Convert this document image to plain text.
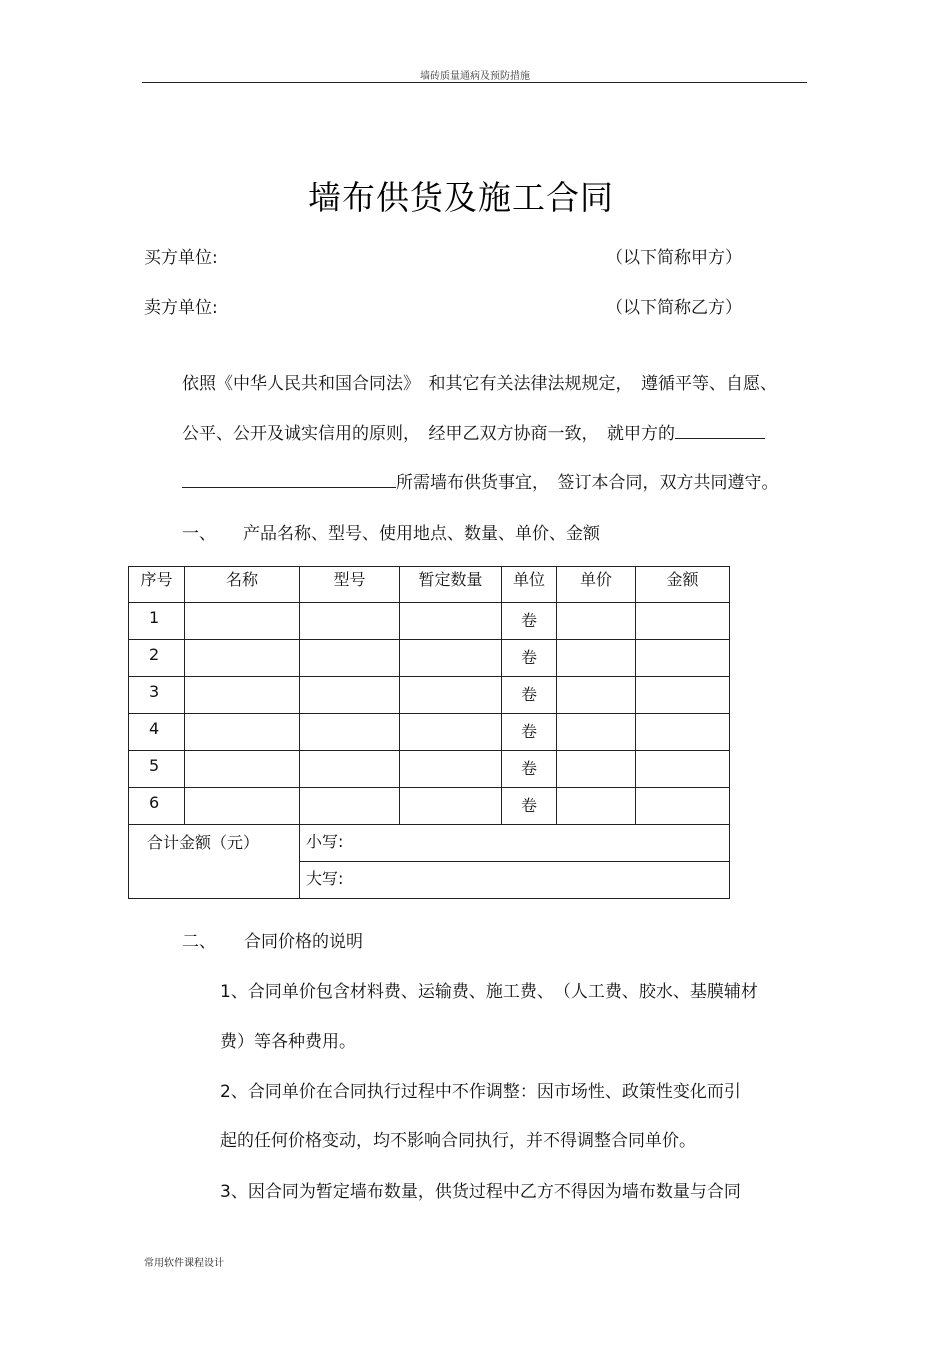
墙砖质量通病及预防措施
墙布供货及施工合同
买方单位:	（以下简称甲方）
卖方单位:	（以下简称乙方）
依照《中华人民共和国合同法》　和其它有关法律法规规定，　遵循平等、自愿、
公平、公开及诚实信用的原则，　经甲乙双方协商一致，　就甲方的
所需墙布供货事宜，　签订本合同，双方共同遵守。
一、 产品名称、型号、使用地点、数量、单价、金额
序号	名称	型号	暂定数量	单位	单价	金额
1				卷		
2				卷		
3				卷		
4				卷		
5				卷		
6				卷		
合计金额（元）		小写:				
		大写:				
二、 合同价格的说明
1、合同单价包含材料费、运输费、施工费、　（人工费、胶水、基膜辅材
费）等各种费用。
2、合同单价在合同执行过程中不作调整：因市场性、政策性变化而引
起的任何价格变动，均不影响合同执行，并不得调整合同单价。
3、因合同为暂定墙布数量，供货过程中乙方不得因为墙布数量与合同
常用软件课程设计
